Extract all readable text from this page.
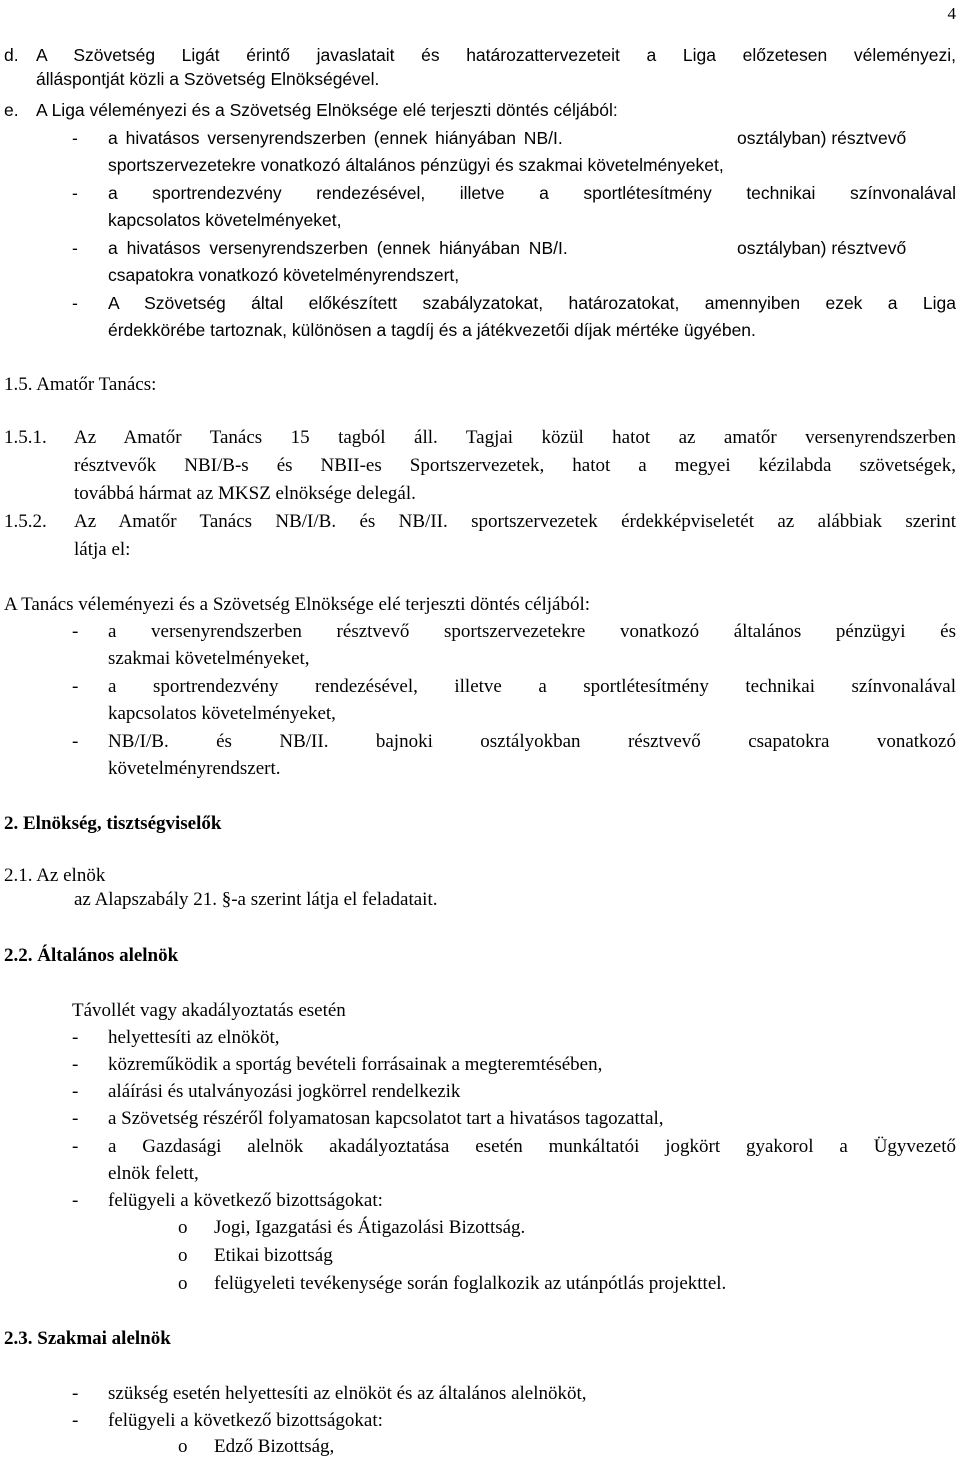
4
d. A Szövetség Ligát érintő javaslatait és határozattervezeteit a Liga előzetesen véleményezi,
álláspontját közli a Szövetség Elnökségével.
e. A Liga véleményezi és a Szövetség Elnöksége elé terjeszti döntés céljából:
- a hivatásos versenyrendszerben (ennek hiányában NB/I.	osztályban) résztvevő
sportszervezetekre vonatkozó általános pénzügyi és szakmai követelményeket,
- a sportrendezvény rendezésével, illetve a sportlétesítmény technikai színvonalával
kapcsolatos követelményeket,
- a hivatásos versenyrendszerben (ennek hiányában NB/I.	osztályban) résztvevő
csapatokra vonatkozó követelményrendszert,
- A Szövetség által előkészített szabályzatokat, határozatokat, amennyiben ezek a Liga
érdekkörébe tartoznak, különösen a tagdíj és a játékvezetői díjak mértéke ügyében.
1.5. Amatőr Tanács:
1.5.1. Az Amatőr Tanács 15 tagból áll. Tagjai közül hatot az amatőr versenyrendszerben
résztvevők NBI/B-s és NBII-es Sportszervezetek, hatot a megyei kézilabda szövetségek,
továbbá hármat az MKSZ elnöksége delegál.
1.5.2. Az Amatőr Tanács NB/I/B. és NB/II. sportszervezetek érdekképviseletét az alábbiak szerint
látja el:
A Tanács véleményezi és a Szövetség Elnöksége elé terjeszti döntés céljából:
- a versenyrendszerben résztvevő sportszervezetekre vonatkozó általános pénzügyi és
szakmai követelményeket,
- a sportrendezvény rendezésével, illetve a sportlétesítmény technikai színvonalával
kapcsolatos követelményeket,
- NB/I/B. és NB/II. bajnoki osztályokban résztvevő csapatokra vonatkozó
követelményrendszert.
2. Elnökség, tisztségviselők
2.1. Az elnök
az Alapszabály 21. §-a szerint látja el feladatait.
2.2. Általános alelnök
Távollét vagy akadályoztatás esetén
- helyettesíti az elnököt,
- közreműködik a sportág bevételi forrásainak a megteremtésében,
- aláírási és utalványozási jogkörrel rendelkezik
- a Szövetség részéről folyamatosan kapcsolatot tart a hivatásos tagozattal,
- a Gazdasági alelnök akadályoztatása esetén munkáltatói jogkört gyakorol a Ügyvezető
elnök felett,
- felügyeli a következő bizottságokat:
o Jogi, Igazgatási és Átigazolási Bizottság.
o Etikai bizottság
o felügyeleti tevékenysége során foglalkozik az utánpótlás projekttel.
2.3. Szakmai alelnök
- szükség esetén helyettesíti az elnököt és az általános alelnököt,
- felügyeli a következő bizottságokat:
o Edző Bizottság,
